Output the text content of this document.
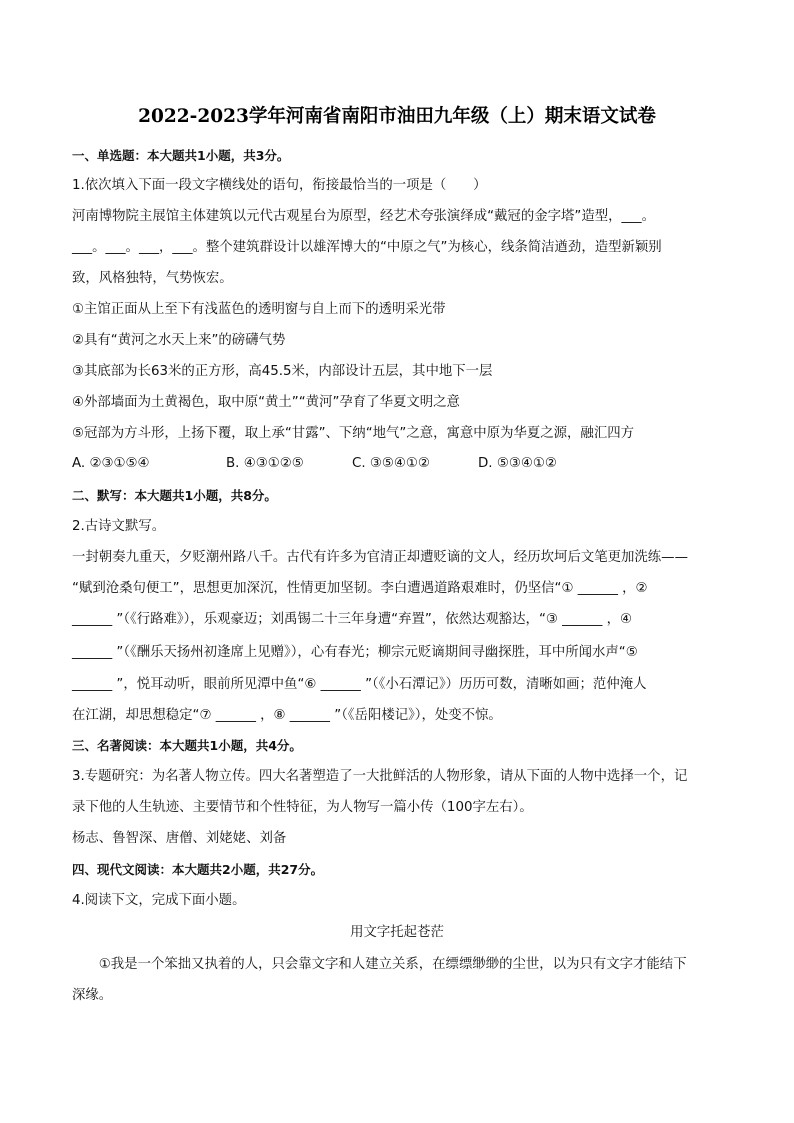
2022-2023学年河南省南阳市油田九年级（上）期末语文试卷
一、单选题：本大题共1小题，共3分。
1.依次填入下面一段文字横线处的语句，衔接最恰当的一项是（　　）
河南博物院主展馆主体建筑以元代古观星台为原型，经艺术夸张演绎成“戴冠的金字塔”造型，___。
___。___。___，___。整个建筑群设计以雄浑博大的“中原之气”为核心，线条简洁遒劲，造型新颖别
致，风格独特，气势恢宏。
①主馆正面从上至下有浅蓝色的透明窗与自上而下的透明采光带
②具有“黄河之水天上来”的磅礴气势
③其底部为长63米的正方形，高45.5米，内部设计五层，其中地下一层
④外部墙面为土黄褐色，取中原“黄土”“黄河”孕育了华夏文明之意
⑤冠部为方斗形，上扬下覆，取上承“甘露”、下纳“地气”之意，寓意中原为华夏之源，融汇四方
A. ②③①⑤④	B. ④③①②⑤	C. ③⑤④①②	D. ⑤③④①②
二、默写：本大题共1小题，共8分。
2.古诗文默写。
一封朝奏九重天，夕贬潮州路八千。古代有许多为官清正却遭贬谪的文人，经历坎坷后文笔更加洗练——
“赋到沧桑句便工”，思想更加深沉，性情更加坚韧。李白遭遇道路艰难时，仍坚信“① ______ ，②
______ ”（《行路难》），乐观豪迈；刘禹锡二十三年身遭“弃置”，依然达观豁达，“③ ______ ，④
______ ”（《酬乐天扬州初逢席上见赠》），心有春光；柳宗元贬谪期间寻幽探胜，耳中所闻水声“⑤
______ ”，悦耳动听，眼前所见潭中鱼“⑥ ______ ”（《小石潭记》）历历可数，清晰如画；范仲淹人
在江湖，却思想稳定“⑦ ______ ，⑧ ______ ”（《岳阳楼记》），处变不惊。
三、名著阅读：本大题共1小题，共4分。
3.专题研究：为名著人物立传。四大名著塑造了一大批鲜活的人物形象，请从下面的人物中选择一个，记
录下他的人生轨迹、主要情节和个性特征，为人物写一篇小传（100字左右）。
杨志、鲁智深、唐僧、刘姥姥、刘备
四、现代文阅读：本大题共2小题，共27分。
4.阅读下文，完成下面小题。
用文字托起苍茫
　　①我是一个笨拙又执着的人，只会靠文字和人建立关系，在缥缥缈缈的尘世，以为只有文字才能结下
深缘。
